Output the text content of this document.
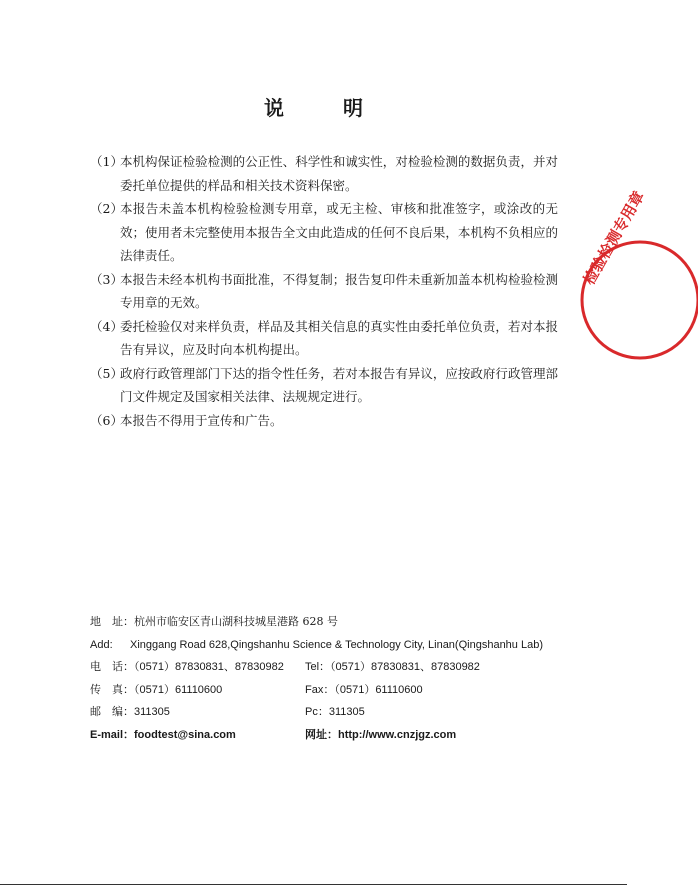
说 明
（1）
本机构保证检验检测的公正性、科学性和诚实性，对检验检测的数据负责，并对委托单位提供的样品和相关技术资料保密。
（2）
本报告未盖本机构检验检测专用章，或无主检、审核和批准签字，或涂改的无效；使用者未完整使用本报告全文由此造成的任何不良后果，本机构不负相应的法律责任。
（3）
本报告未经本机构书面批准，不得复制；报告复印件未重新加盖本机构检验检测专用章的无效。
（4）
委托检验仅对来样负责，样品及其相关信息的真实性由委托单位负责，若对本报告有异议，应及时向本机构提出。
（5）
政府行政管理部门下达的指令性任务，若对本报告有异议，应按政府行政管理部门文件规定及国家相关法律、法规规定进行。
（6）
本报告不得用于宣传和广告。
地　址：杭州市临安区青山湖科技城星港路 628 号
Add: Xinggang Road 628,Qingshanhu Science & Technology City, Linan(Qingshanhu Lab)
电　话：（0571）87830831、87830982 Tel：（0571）87830831、87830982
传　真：（0571）61110600	Fax：（0571）61110600
邮　编：311305	Pc：311305
E-mail：foodtest@sina.com	网址：http://www.cnzjgz.com
检验检测专用章
